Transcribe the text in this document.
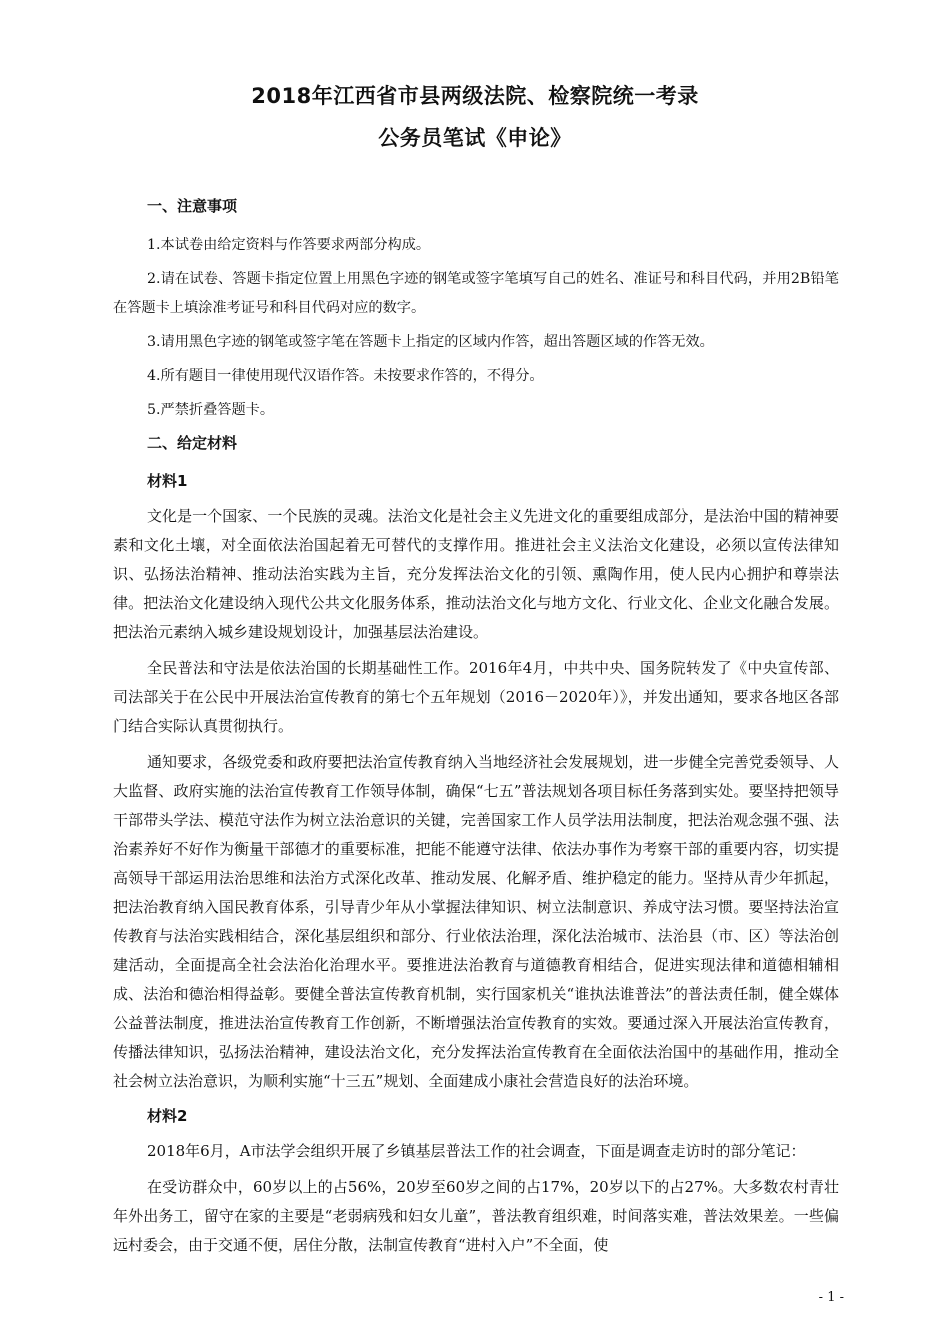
2018年江西省市县两级法院、检察院统一考录
公务员笔试《申论》
一、注意事项

1.本试卷由给定资料与作答要求两部分构成。

2.请在试卷、答题卡指定位置上用黑色字迹的钢笔或签字笔填写自己的姓名、准证号和科目代码，并用2B铅笔在答题卡上填涂准考证号和科目代码对应的数字。

3.请用黑色字迹的钢笔或签字笔在答题卡上指定的区域内作答，超出答题区域的作答无效。

4.所有题目一律使用现代汉语作答。未按要求作答的，不得分。

5.严禁折叠答题卡。

二、给定材料
材料1

文化是一个国家、一个民族的灵魂。法治文化是社会主义先进文化的重要组成部分，是法治中国的精神要素和文化土壤，对全面依法治国起着无可替代的支撑作用。推进社会主义法治文化建设，必须以宣传法律知识、弘扬法治精神、推动法治实践为主旨，充分发挥法治文化的引领、熏陶作用，使人民内心拥护和尊崇法律。把法治文化建设纳入现代公共文化服务体系，推动法治文化与地方文化、行业文化、企业文化融合发展。把法治元素纳入城乡建设规划设计，加强基层法治建设。

全民普法和守法是依法治国的长期基础性工作。2016年4月，中共中央、国务院转发了《中央宣传部、司法部关于在公民中开展法治宣传教育的第七个五年规划（2016－2020年）》，并发出通知，要求各地区各部门结合实际认真贯彻执行。

通知要求，各级党委和政府要把法治宣传教育纳入当地经济社会发展规划，进一步健全完善党委领导、人大监督、政府实施的法治宣传教育工作领导体制，确保“七五”普法规划各项目标任务落到实处。要坚持把领导干部带头学法、模范守法作为树立法治意识的关键，完善国家工作人员学法用法制度，把法治观念强不强、法治素养好不好作为衡量干部德才的重要标准，把能不能遵守法律、依法办事作为考察干部的重要内容，切实提高领导干部运用法治思维和法治方式深化改革、推动发展、化解矛盾、维护稳定的能力。坚持从青少年抓起，把法治教育纳入国民教育体系，引导青少年从小掌握法律知识、树立法制意识、养成守法习惯。要坚持法治宣传教育与法治实践相结合，深化基层组织和部分、行业依法治理，深化法治城市、法治县（市、区）等法治创建活动，全面提高全社会法治化治理水平。要推进法治教育与道德教育相结合，促进实现法律和道德相辅相成、法治和德治相得益彰。要健全普法宣传教育机制，实行国家机关“谁执法谁普法”的普法责任制，健全媒体公益普法制度，推进法治宣传教育工作创新，不断增强法治宣传教育的实效。要通过深入开展法治宣传教育，传播法律知识，弘扬法治精神，建设法治文化，充分发挥法治宣传教育在全面依法治国中的基础作用，推动全社会树立法治意识，为顺利实施“十三五”规划、全面建成小康社会营造良好的法治环境。

材料2

2018年6月，A市法学会组织开展了乡镇基层普法工作的社会调查，下面是调查走访时的部分笔记：

在受访群众中，60岁以上的占56%，20岁至60岁之间的占17%，20岁以下的占27%。大多数农村青壮年外出务工，留守在家的主要是“老弱病残和妇女儿童”，普法教育组织难，时间落实难，普法效果差。一些偏远村委会，由于交通不便，居住分散，法制宣传教育“进村入户”不全面，使

- 1 -
